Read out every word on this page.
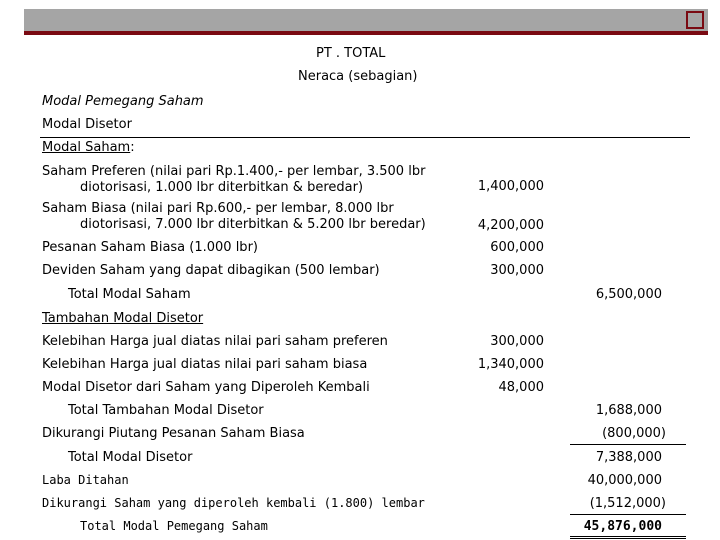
PT . TOTAL
Neraca (sebagian)
Modal Pemegang Saham
Modal Disetor
Modal Saham:
Saham Preferen (nilai pari Rp.1.400,- per lembar, 3.500 lbr
diotorisasi, 1.000 lbr diterbitkan & beredar)	1,400,000
Saham Biasa (nilai pari Rp.600,- per lembar, 8.000 lbr
diotorisasi, 7.000 lbr diterbitkan & 5.200 lbr beredar)	4,200,000
Pesanan Saham Biasa (1.000 lbr)	600,000
Deviden Saham yang dapat dibagikan (500 lembar)	300,000
Total Modal Saham	6,500,000
Tambahan Modal Disetor
Kelebihan Harga jual diatas nilai pari saham preferen	300,000
Kelebihan Harga jual diatas nilai pari saham biasa	1,340,000
Modal Disetor dari Saham yang Diperoleh Kembali	48,000
Total Tambahan Modal Disetor	1,688,000
Dikurangi Piutang Pesanan Saham Biasa	(800,000)
Total Modal Disetor	7,388,000
Laba Ditahan	40,000,000
Dikurangi Saham yang diperoleh kembali (1.800) lembar	(1,512,000)
Total Modal Pemegang Saham	45,876,000
